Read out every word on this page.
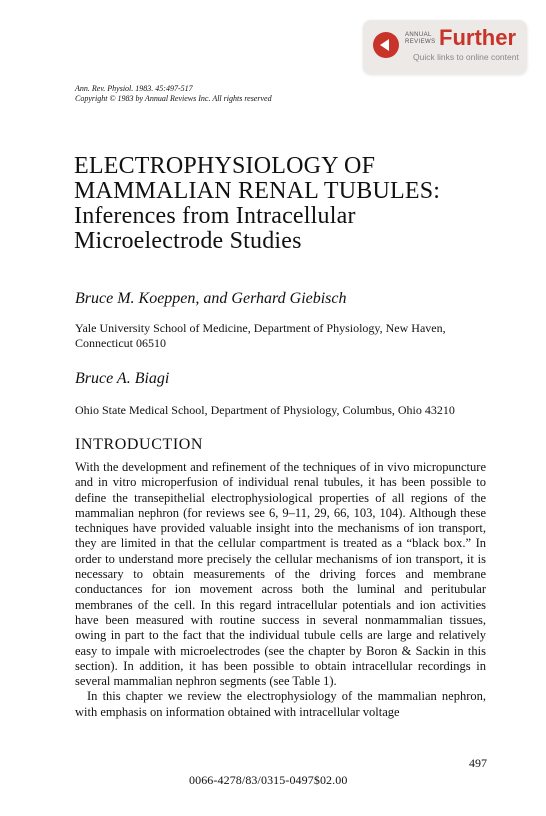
ANNUAL
REVIEWS Further
Quick links to online content
Ann. Rev. Physiol. 1983. 45:497-517
Copyright © 1983 by Annual Reviews Inc. All rights reserved
ELECTROPHYSIOLOGY OF
MAMMALIAN RENAL TUBULES:
Inferences from Intracellular
Microelectrode Studies
Bruce M. Koeppen, and Gerhard Giebisch
Yale University School of Medicine, Department of Physiology, New Haven,
Connecticut 06510
Bruce A. Biagi
Ohio State Medical School, Department of Physiology, Columbus, Ohio 43210
INTRODUCTION

With the development and refinement of the techniques of in vivo micropuncture and in vitro microperfusion of individual renal tubules, it has been possible to define the transepithelial electrophysiological properties of all regions of the mammalian nephron (for reviews see 6, 9–11, 29, 66, 103, 104). Although these techniques have provided valuable insight into the mechanisms of ion transport, they are limited in that the cellular compartment is treated as a “black box.” In order to understand more precisely the cellular mechanisms of ion transport, it is necessary to obtain measurements of the driving forces and membrane conductances for ion movement across both the luminal and peritubular membranes of the cell. In this regard intracellular potentials and ion activities have been measured with routine success in several nonmammalian tissues, owing in part to the fact that the individual tubule cells are large and relatively easy to impale with microelectrodes (see the chapter by Boron & Sackin in this section). In addition, it has been possible to obtain intracellular recordings in several mammalian nephron segments (see Table 1).

In this chapter we review the electrophysiology of the mammalian nephron, with emphasis on information obtained with intracellular voltage

497
0066-4278/83/0315-0497$02.00
